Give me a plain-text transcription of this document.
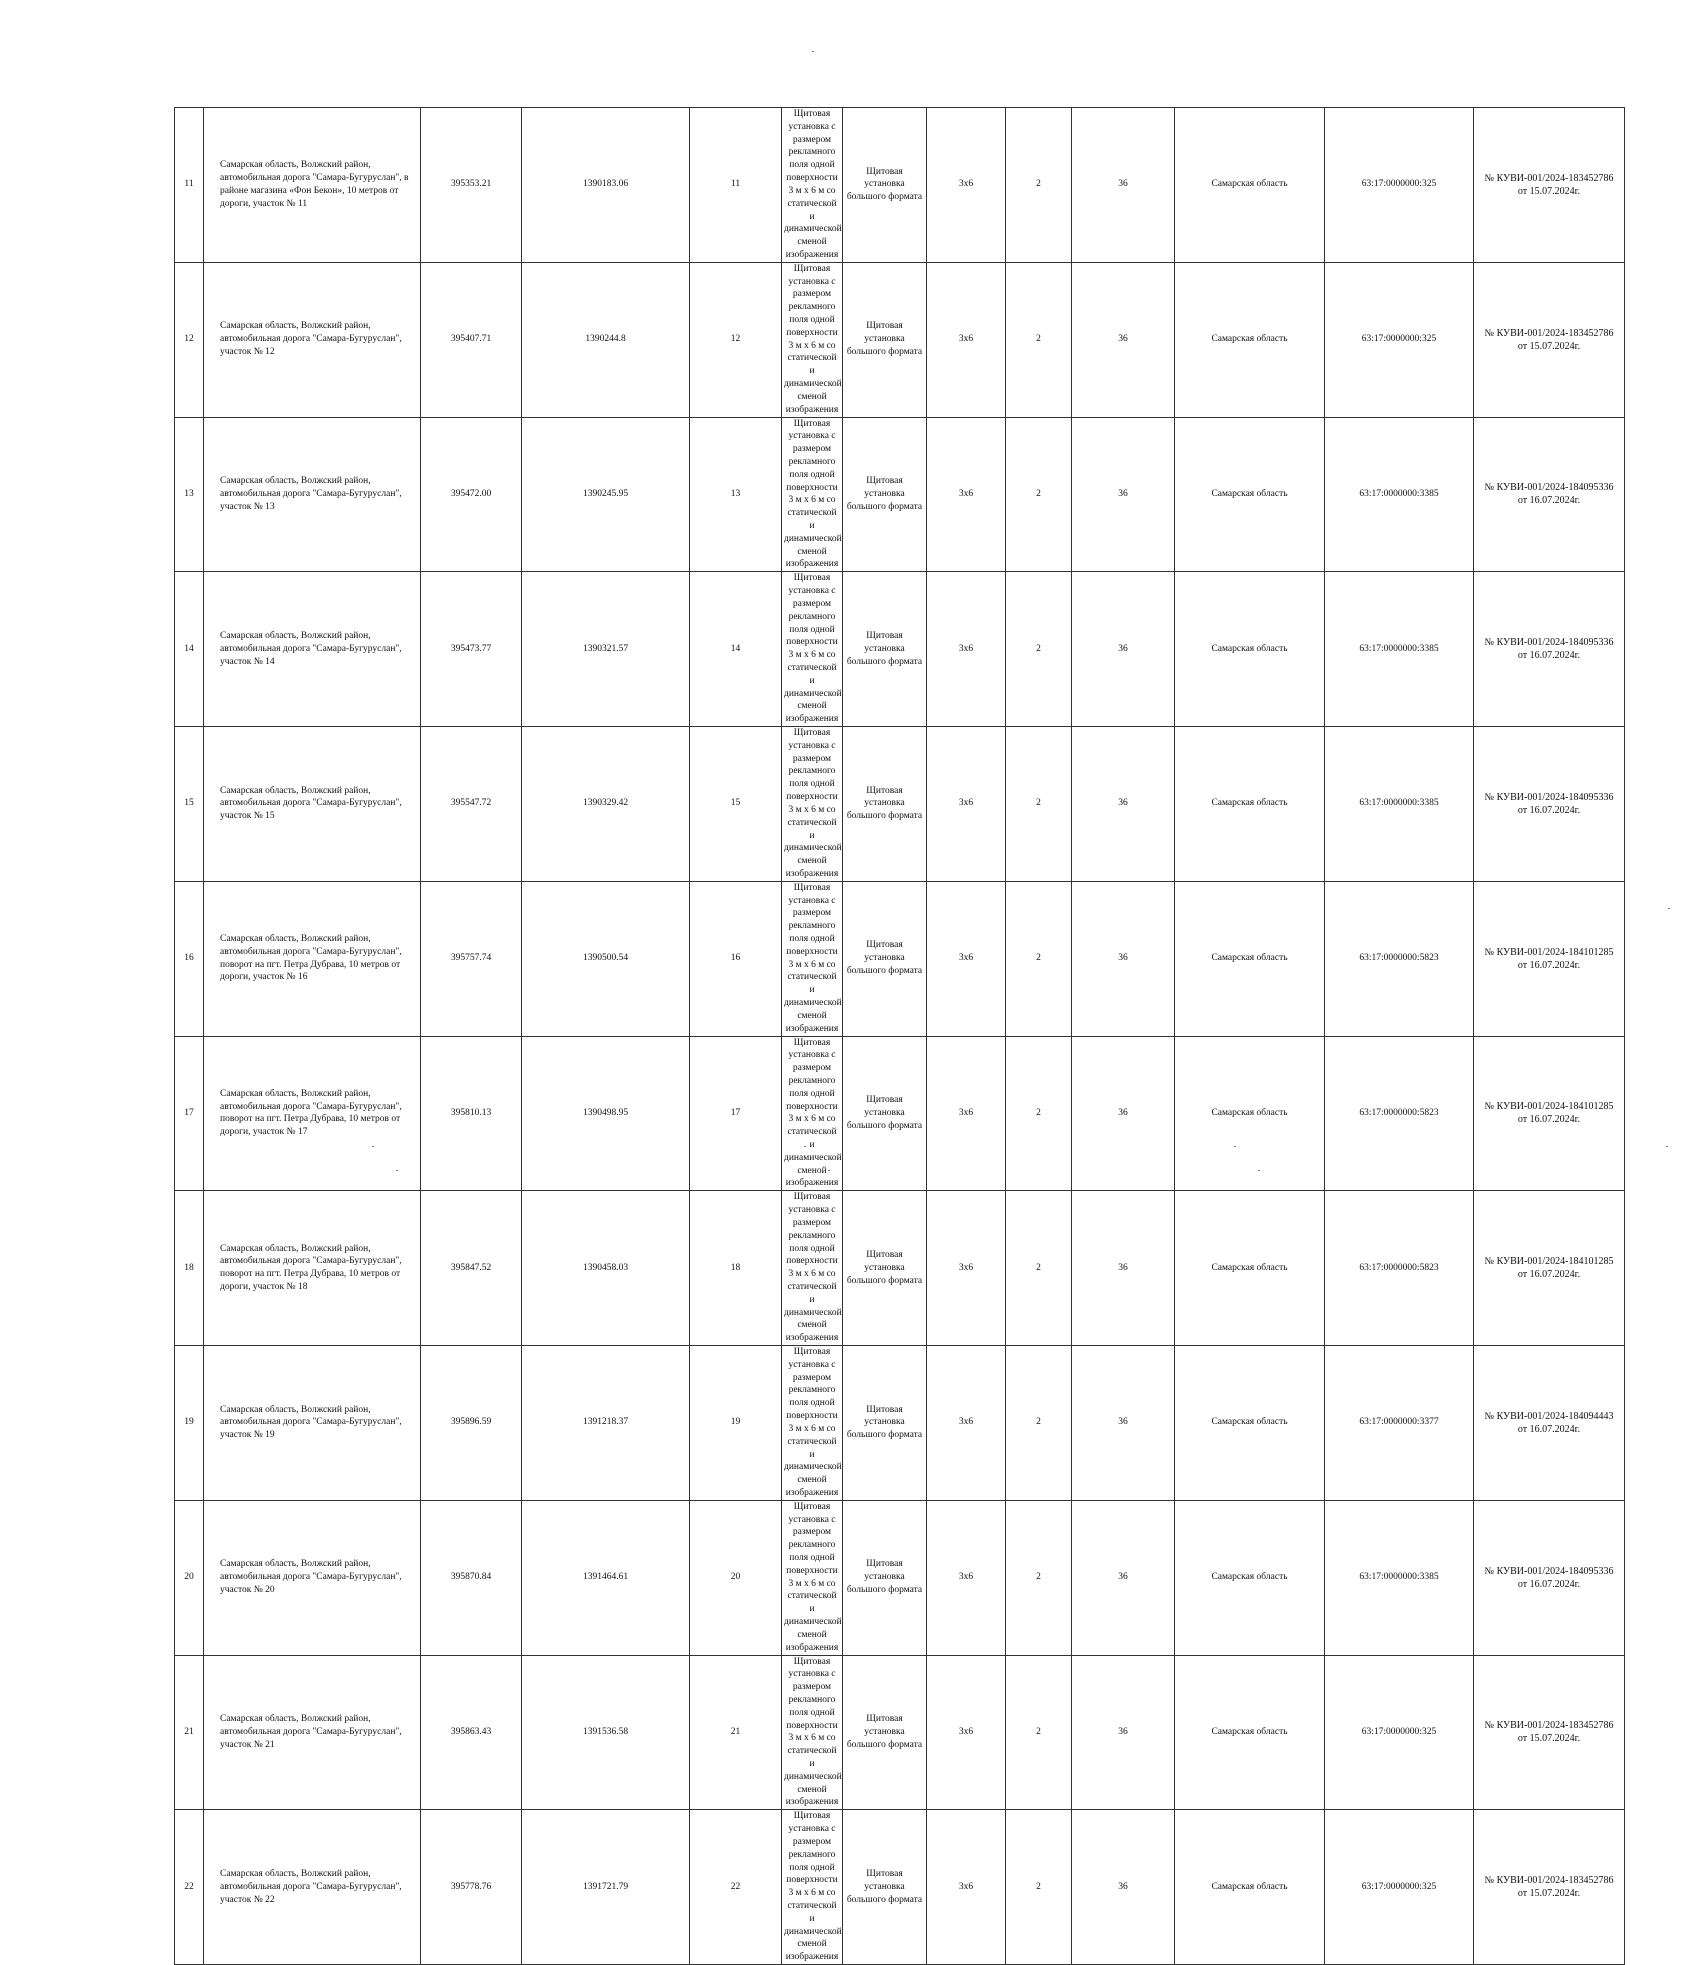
11	Самарская область, Волжский район, автомобильная дорога "Самара-Бугуруслан", в районе магазина «Фон Бекон», 10 метров от дороги, участок № 11	395353.21	1390183.06	11	Щитовая установка с размером рекламного поля одной поверхности 3 м х 6 м со статической и динамической сменой изображения	Щитовая установка большого формата	3х6	2	36	Самарская область	63:17:0000000:325	№ КУВИ-001/2024-183452786
от 15.07.2024г.

12	Самарская область, Волжский район, автомобильная дорога "Самара-Бугуруслан", участок № 12	395407.71	1390244.8	12	Щитовая установка с размером рекламного поля одной поверхности 3 м х 6 м со статической и динамической сменой изображения	Щитовая установка большого формата	3х6	2	36	Самарская область	63:17:0000000:325	№ КУВИ-001/2024-183452786
от 15.07.2024г.

13	Самарская область, Волжский район, автомобильная дорога "Самара-Бугуруслан", участок № 13	395472.00	1390245.95	13	Щитовая установка с размером рекламного поля одной поверхности 3 м х 6 м со статической и динамической сменой изображения	Щитовая установка большого формата	3х6	2	36	Самарская область	63:17:0000000:3385	№ КУВИ-001/2024-184095336
от 16.07.2024г.

14	Самарская область, Волжский район, автомобильная дорога "Самара-Бугуруслан", участок № 14	395473.77	1390321.57	14	Щитовая установка с размером рекламного поля одной поверхности 3 м х 6 м со статической и динамической сменой изображения	Щитовая установка большого формата	3х6	2	36	Самарская область	63:17:0000000:3385	№ КУВИ-001/2024-184095336
от 16.07.2024г.

15	Самарская область, Волжский район, автомобильная дорога "Самара-Бугуруслан", участок № 15	395547.72	1390329.42	15	Щитовая установка с размером рекламного поля одной поверхности 3 м х 6 м со статической и динамической сменой изображения	Щитовая установка большого формата	3х6	2	36	Самарская область	63:17:0000000:3385	№ КУВИ-001/2024-184095336
от 16.07.2024г.

16	Самарская область, Волжский район, автомобильная дорога "Самара-Бугуруслан", поворот на пгт. Петра Дубрава, 10 метров от дороги, участок № 16	395757.74	1390500.54	16	Щитовая установка с размером рекламного поля одной поверхности 3 м х 6 м со статической и динамической сменой изображения	Щитовая установка большого формата	3х6	2	36	Самарская область	63:17:0000000:5823	№ КУВИ-001/2024-184101285
от 16.07.2024г.

17	Самарская область, Волжский район, автомобильная дорога "Самара-Бугуруслан", поворот на пгт. Петра Дубрава, 10 метров от дороги, участок № 17	395810.13	1390498.95	17	Щитовая установка с размером рекламного поля одной поверхности 3 м х 6 м со статической и динамической сменой изображения	Щитовая установка большого формата	3х6	2	36	Самарская область	63:17:0000000:5823	№ КУВИ-001/2024-184101285
от 16.07.2024г.

18	Самарская область, Волжский район, автомобильная дорога "Самара-Бугуруслан", поворот на пгт. Петра Дубрава, 10 метров от дороги, участок № 18	395847.52	1390458.03	18	Щитовая установка с размером рекламного поля одной поверхности 3 м х 6 м со статической и динамической сменой изображения	Щитовая установка большого формата	3х6	2	36	Самарская область	63:17:0000000:5823	№ КУВИ-001/2024-184101285
от 16.07.2024г.

19	Самарская область, Волжский район, автомобильная дорога "Самара-Бугуруслан", участок № 19	395896.59	1391218.37	19	Щитовая установка с размером рекламного поля одной поверхности 3 м х 6 м со статической и динамической сменой изображения	Щитовая установка большого формата	3х6	2	36	Самарская область	63:17:0000000:3377	№ КУВИ-001/2024-184094443
от 16.07.2024г.

20	Самарская область, Волжский район, автомобильная дорога "Самара-Бугуруслан", участок № 20	395870.84	1391464.61	20	Щитовая установка с размером рекламного поля одной поверхности 3 м х 6 м со статической и динамической сменой изображения	Щитовая установка большого формата	3х6	2	36	Самарская область	63:17:0000000:3385	№ КУВИ-001/2024-184095336
от 16.07.2024г.

21	Самарская область, Волжский район, автомобильная дорога "Самара-Бугуруслан", участок № 21	395863.43	1391536.58	21	Щитовая установка с размером рекламного поля одной поверхности 3 м х 6 м со статической и динамической сменой изображения	Щитовая установка большого формата	3х6	2	36	Самарская область	63:17:0000000:325	№ КУВИ-001/2024-183452786
от 15.07.2024г.

22	Самарская область, Волжский район, автомобильная дорога "Самара-Бугуруслан", участок № 22	395778.76	1391721.79	22	Щитовая установка с размером рекламного поля одной поверхности 3 м х 6 м со статической и динамической сменой изображения	Щитовая установка большого формата	3х6	2	36	Самарская область	63:17:0000000:325	№ КУВИ-001/2024-183452786
от 15.07.2024г.
